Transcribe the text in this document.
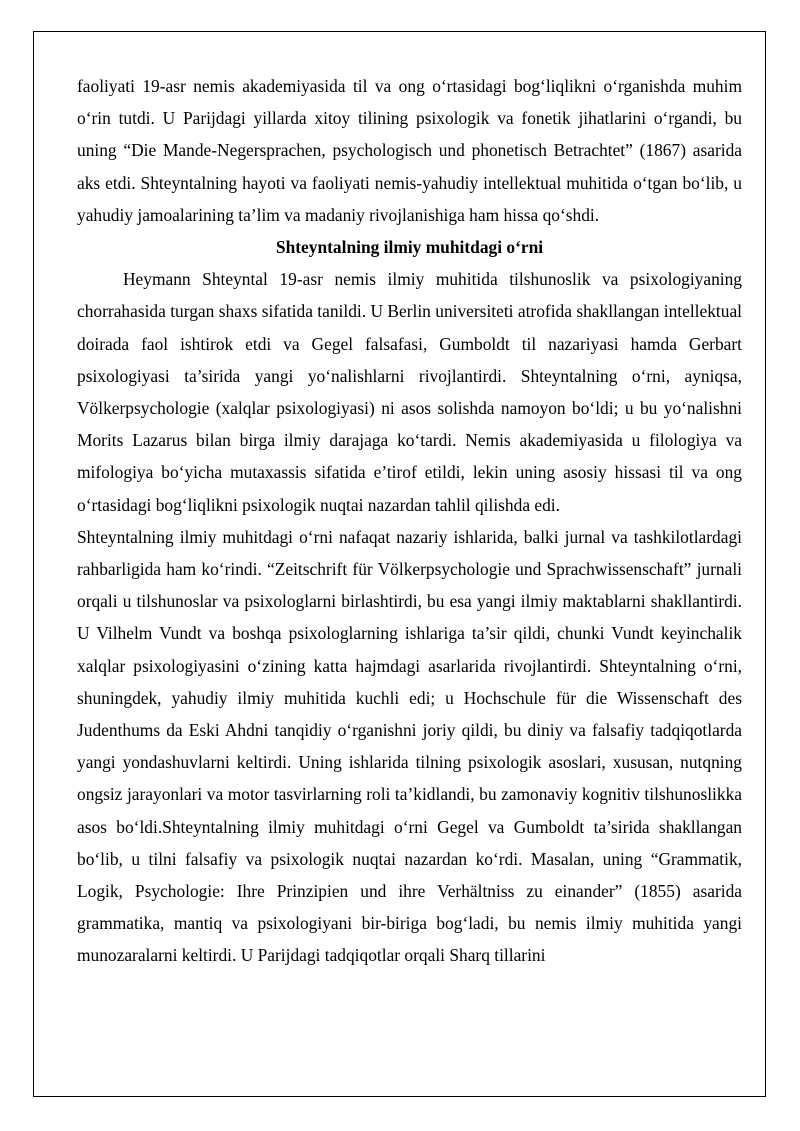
faoliyati 19-asr nemis akademiyasida til va ong o‘rtasidagi bog‘liqlikni o‘rganishda muhim o‘rin tutdi. U Parijdagi yillarda xitoy tilining psixologik va fonetik jihatlarini o‘rgandi, bu uning “Die Mande-Negersprachen, psychologisch und phonetisch Betrachtet” (1867) asarida aks etdi. Shteyntalning hayoti va faoliyati nemis-yahudiy intellektual muhitida o‘tgan bo‘lib, u yahudiy jamoalarining ta’lim va madaniy rivojlanishiga ham hissa qo‘shdi.

Shteyntalning ilmiy muhitdagi o‘rni

Heymann Shteyntal 19-asr nemis ilmiy muhitida tilshunoslik va psixologiyaning chorrahasida turgan shaxs sifatida tanildi. U Berlin universiteti atrofida shakllangan intellektual doirada faol ishtirok etdi va Gegel falsafasi, Gumboldt til nazariyasi hamda Gerbart psixologiyasi ta’sirida yangi yo‘nalishlarni rivojlantirdi. Shteyntalning o‘rni, ayniqsa, Völkerpsychologie (xalqlar psixologiyasi) ni asos solishda namoyon bo‘ldi; u bu yo‘nalishni Morits Lazarus bilan birga ilmiy darajaga ko‘tardi. Nemis akademiyasida u filologiya va mifologiya bo‘yicha mutaxassis sifatida e’tirof etildi, lekin uning asosiy hissasi til va ong o‘rtasidagi bog‘liqlikni psixologik nuqtai nazardan tahlil qilishda edi.

Shteyntalning ilmiy muhitdagi o‘rni nafaqat nazariy ishlarida, balki jurnal va tashkilotlardagi rahbarligida ham ko‘rindi. “Zeitschrift für Völkerpsychologie und Sprachwissenschaft” jurnali orqali u tilshunoslar va psixologlarni birlashtirdi, bu esa yangi ilmiy maktablarni shakllantirdi. U Vilhelm Vundt va boshqa psixologlarning ishlariga ta’sir qildi, chunki Vundt keyinchalik xalqlar psixologiyasini o‘zining katta hajmdagi asarlarida rivojlantirdi. Shteyntalning o‘rni, shuningdek, yahudiy ilmiy muhitida kuchli edi; u Hochschule für die Wissenschaft des Judenthums da Eski Ahdni tanqidiy o‘rganishni joriy qildi, bu diniy va falsafiy tadqiqotlarda yangi yondashuvlarni keltirdi. Uning ishlarida tilning psixologik asoslari, xususan, nutqning ongsiz jarayonlari va motor tasvirlarning roli ta’kidlandi, bu zamonaviy kognitiv tilshunoslikka asos bo‘ldi.Shteyntalning ilmiy muhitdagi o‘rni Gegel va Gumboldt ta’sirida shakllangan bo‘lib, u tilni falsafiy va psixologik nuqtai nazardan ko‘rdi. Masalan, uning “Grammatik, Logik, Psychologie: Ihre Prinzipien und ihre Verhältniss zu einander” (1855) asarida grammatika, mantiq va psixologiyani bir-biriga bog‘ladi, bu nemis ilmiy muhitida yangi munozaralarni keltirdi. U Parijdagi tadqiqotlar orqali Sharq tillarini
